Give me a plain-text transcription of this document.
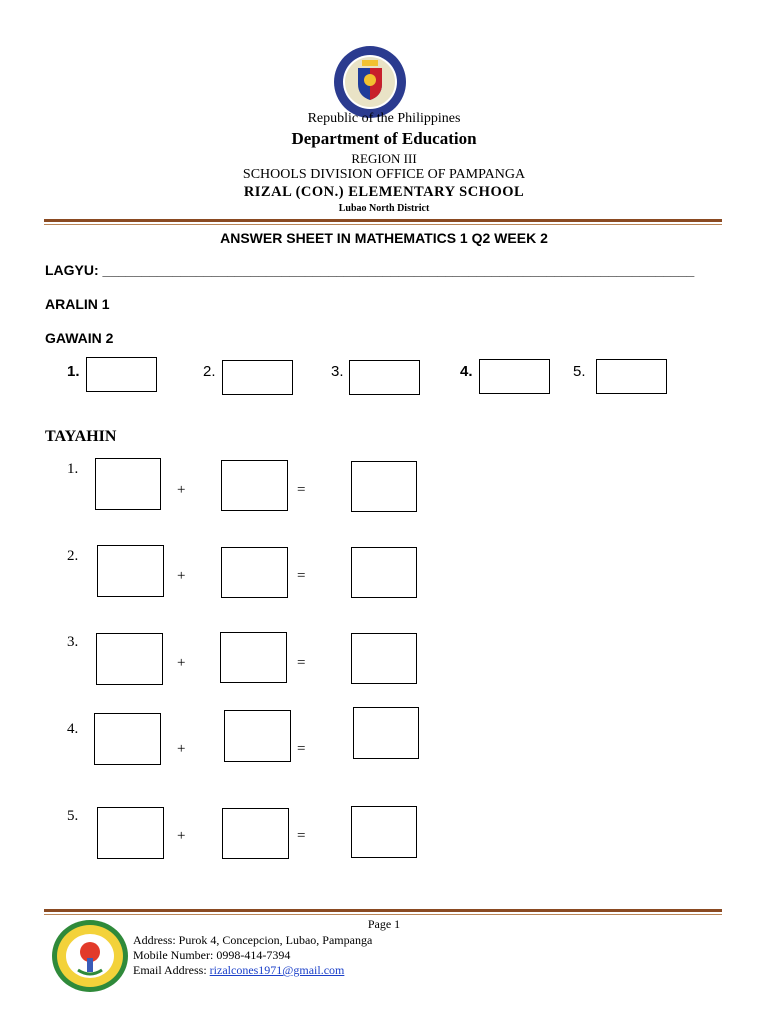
Republic of the Philippines
Department of Education
REGION III
SCHOOLS DIVISION OFFICE OF PAMPANGA
RIZAL (CON.) ELEMENTARY SCHOOL
Lubao North District
ANSWER SHEET IN MATHEMATICS 1 Q2 WEEK 2
LAGYU: ____________________________________________________________________________
ARALIN 1
GAWAIN 2
1.	2.	3.	4.	5.
TAYAHIN
1.
+	=
2.
+	=
3.
+	=
4.
+	=
5.
+	=
Page 1
Address: Purok 4, Concepcion, Lubao, Pampanga
Mobile Number: 0998-414-7394
Email Address: rizalcones1971@gmail.com
